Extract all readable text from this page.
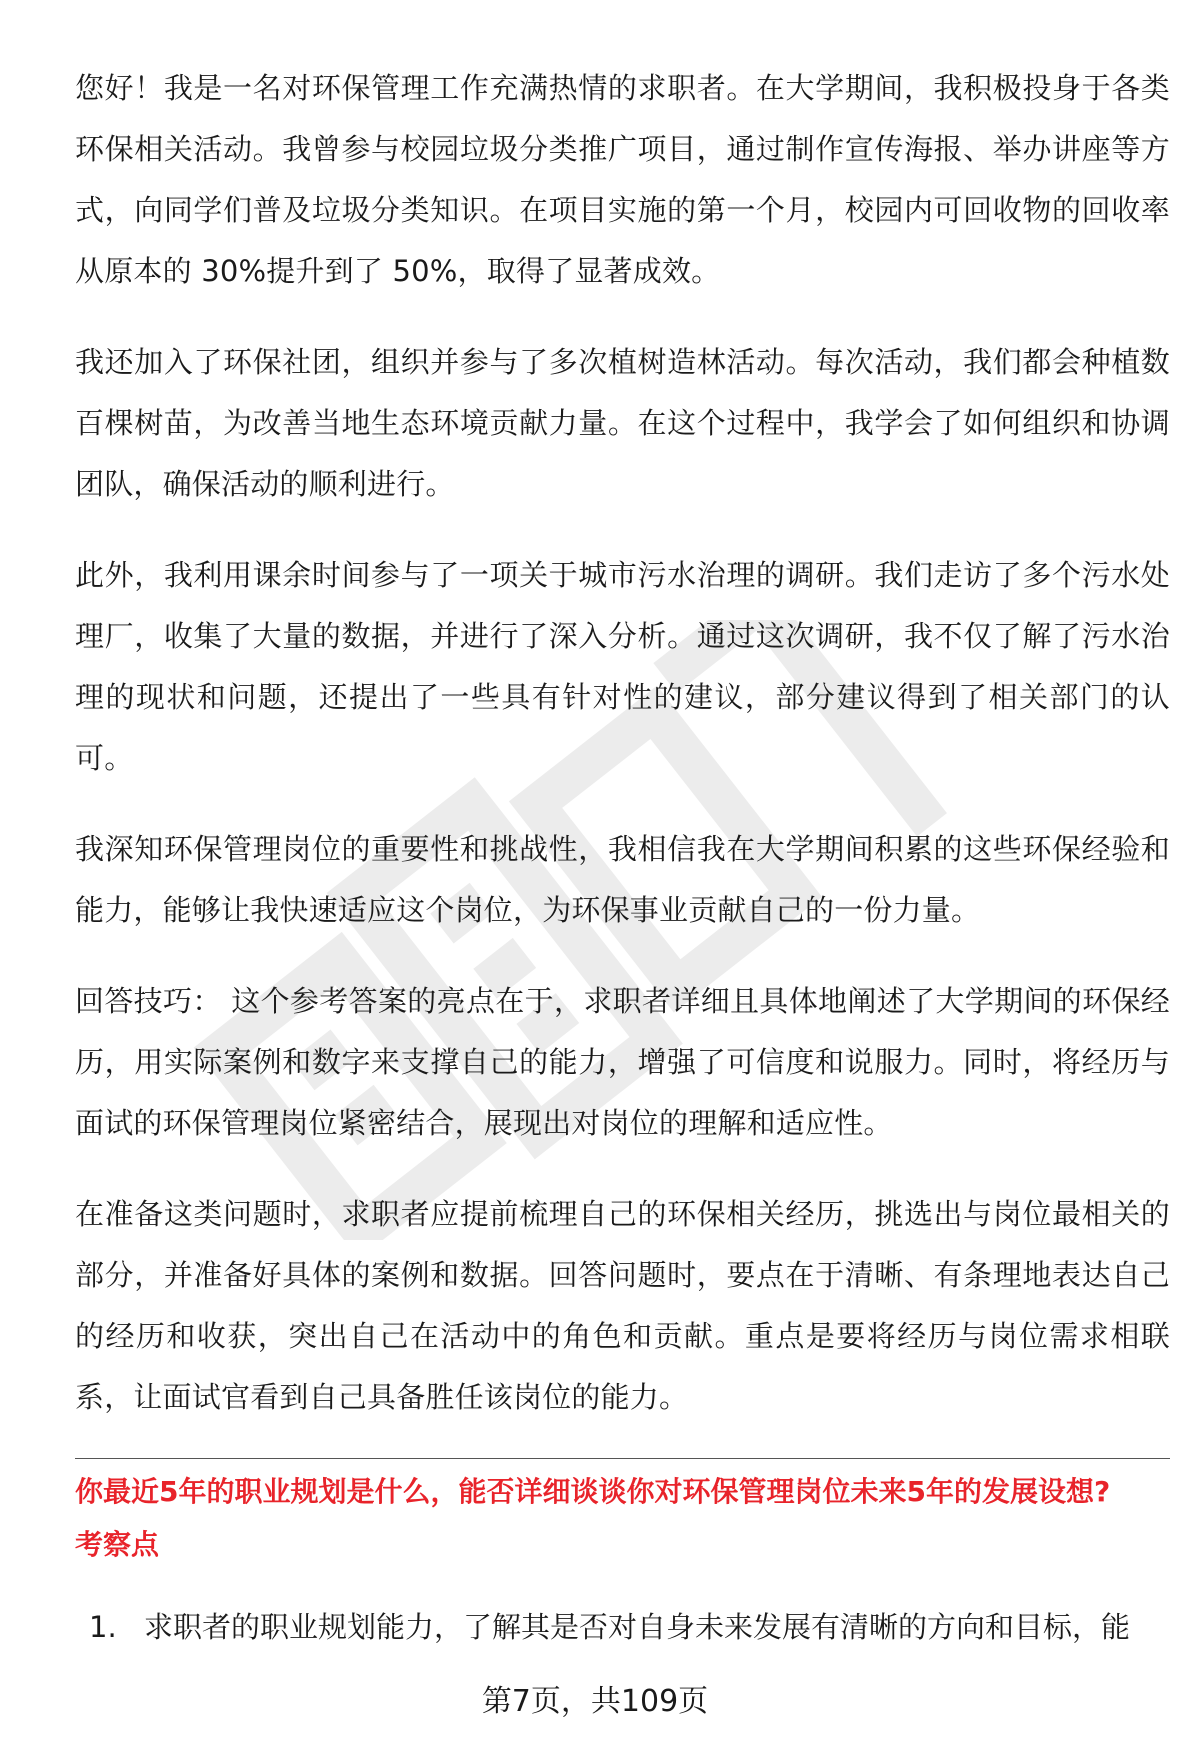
您好！我是一名对环保管理工作充满热情的求职者。在大学期间，我积极投身于各类环保相关活动。我曾参与校园垃圾分类推广项目，通过制作宣传海报、举办讲座等方式，向同学们普及垃圾分类知识。在项目实施的第一个月，校园内可回收物的回收率从原本的 30%提升到了 50%，取得了显著成效。

我还加入了环保社团，组织并参与了多次植树造林活动。每次活动，我们都会种植数百棵树苗，为改善当地生态环境贡献力量。在这个过程中，我学会了如何组织和协调团队，确保活动的顺利进行。

此外，我利用课余时间参与了一项关于城市污水治理的调研。我们走访了多个污水处理厂，收集了大量的数据，并进行了深入分析。通过这次调研，我不仅了解了污水治理的现状和问题，还提出了一些具有针对性的建议，部分建议得到了相关部门的认可。

我深知环保管理岗位的重要性和挑战性，我相信我在大学期间积累的这些环保经验和能力，能够让我快速适应这个岗位，为环保事业贡献自己的一份力量。

回答技巧： 这个参考答案的亮点在于，求职者详细且具体地阐述了大学期间的环保经历，用实际案例和数字来支撑自己的能力，增强了可信度和说服力。同时，将经历与面试的环保管理岗位紧密结合，展现出对岗位的理解和适应性。

在准备这类问题时，求职者应提前梳理自己的环保相关经历，挑选出与岗位最相关的部分，并准备好具体的案例和数据。回答问题时，要点在于清晰、有条理地表达自己的经历和收获，突出自己在活动中的角色和贡献。重点是要将经历与岗位需求相联系，让面试官看到自己具备胜任该岗位的能力。

你最近5年的职业规划是什么，能否详细谈谈你对环保管理岗位未来5年的发展设想?
考察点
1. 求职者的职业规划能力，了解其是否对自身未来发展有清晰的方向和目标，能
第7页，共109页
